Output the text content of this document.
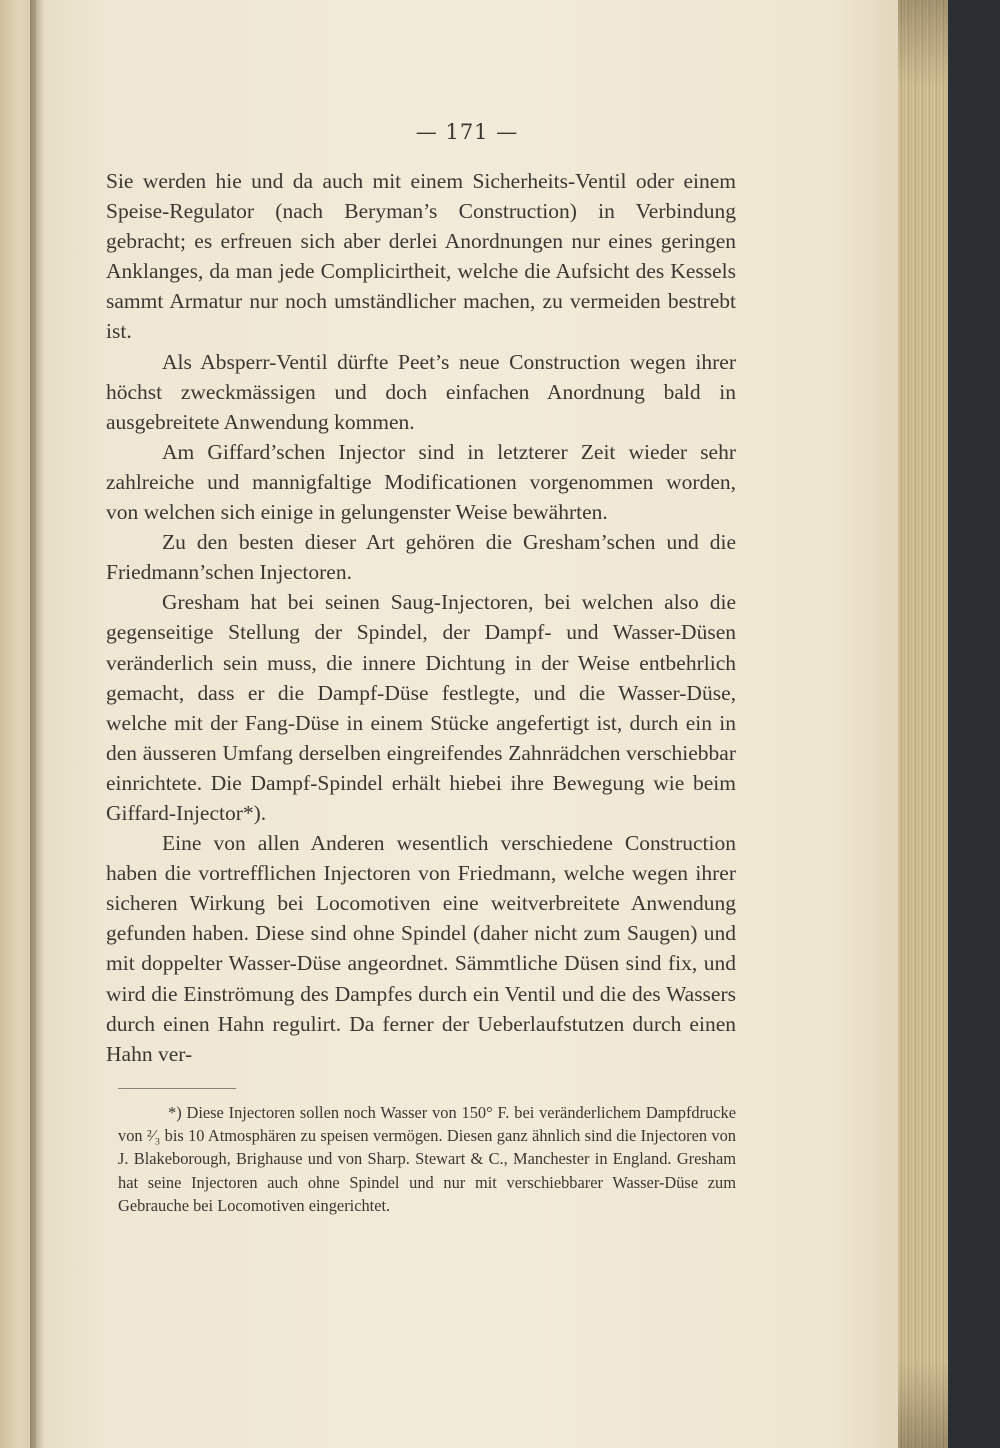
— 171 —

Sie werden hie und da auch mit einem Sicherheits-Ventil oder einem Speise-Regulator (nach Beryman’s Construction) in Verbindung gebracht; es erfreuen sich aber derlei Anordnungen nur eines geringen Anklanges, da man jede Complicirtheit, welche die Aufsicht des Kessels sammt Armatur nur noch umständlicher machen, zu vermeiden bestrebt ist.

Als Absperr-Ventil dürfte Peet’s neue Construction wegen ihrer höchst zweckmässigen und doch einfachen Anordnung bald in ausgebreitete Anwendung kommen.

Am Giffard’schen Injector sind in letzterer Zeit wieder sehr zahlreiche und mannigfaltige Modificationen vorgenommen worden, von welchen sich einige in gelungenster Weise bewährten.

Zu den besten dieser Art gehören die Gresham’schen und die Friedmann’schen Injectoren.

Gresham hat bei seinen Saug-Injectoren, bei welchen also die gegenseitige Stellung der Spindel, der Dampf- und Wasser-Düsen veränderlich sein muss, die innere Dichtung in der Weise entbehrlich gemacht, dass er die Dampf-Düse festlegte, und die Wasser-Düse, welche mit der Fang-Düse in einem Stücke angefertigt ist, durch ein in den äusseren Umfang derselben eingreifendes Zahnrädchen verschiebbar einrichtete. Die Dampf-Spindel erhält hiebei ihre Bewegung wie beim Giffard-Injector*).

Eine von allen Anderen wesentlich verschiedene Construction haben die vortrefflichen Injectoren von Friedmann, welche wegen ihrer sicheren Wirkung bei Locomotiven eine weitverbreitete Anwendung gefunden haben. Diese sind ohne Spindel (daher nicht zum Saugen) und mit doppelter Wasser-Düse angeordnet. Sämmtliche Düsen sind fix, und wird die Einströmung des Dampfes durch ein Ventil und die des Wassers durch einen Hahn regulirt. Da ferner der Ueberlaufstutzen durch einen Hahn ver-

*) Diese Injectoren sollen noch Wasser von 150° F. bei veränderlichem Dampfdrucke von ²⁄₃ bis 10 Atmosphären zu speisen vermögen. Diesen ganz ähnlich sind die Injectoren von J. Blakeborough, Brighause und von Sharp. Stewart & C., Manchester in England. Gresham hat seine Injectoren auch ohne Spindel und nur mit verschiebbarer Wasser-Düse zum Gebrauche bei Locomotiven eingerichtet.
